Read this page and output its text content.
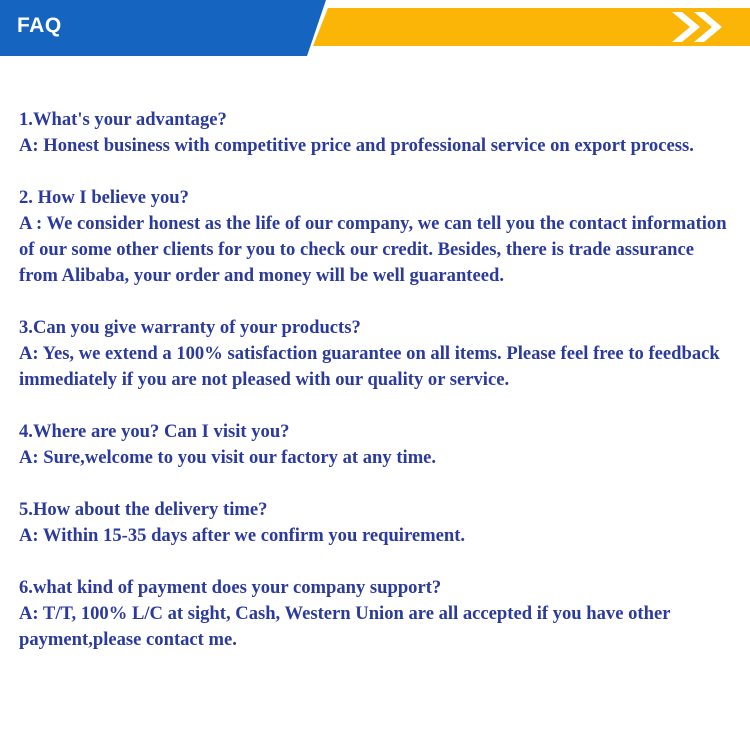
FAQ

1.What's your advantage?

A: Honest business with competitive price and professional service on export process.

2. How I believe you?

A : We consider honest as the life of our company, we can tell you the contact information of our some other clients for you to check our credit. Besides, there is trade assurance from Alibaba, your order and money will be well guaranteed.

3.Can you give warranty of your products?

A: Yes, we extend a 100% satisfaction guarantee on all items. Please feel free to feedback immediately if you are not pleased with our quality or service.

4.Where are you? Can I visit you?

A: Sure,welcome to you visit our factory at any time.

5.How about the delivery time?

A: Within 15-35 days after we confirm you requirement.

6.what kind of payment does your company support?

A: T/T, 100% L/C at sight, Cash, Western Union are all accepted if you have other payment,please contact me.
